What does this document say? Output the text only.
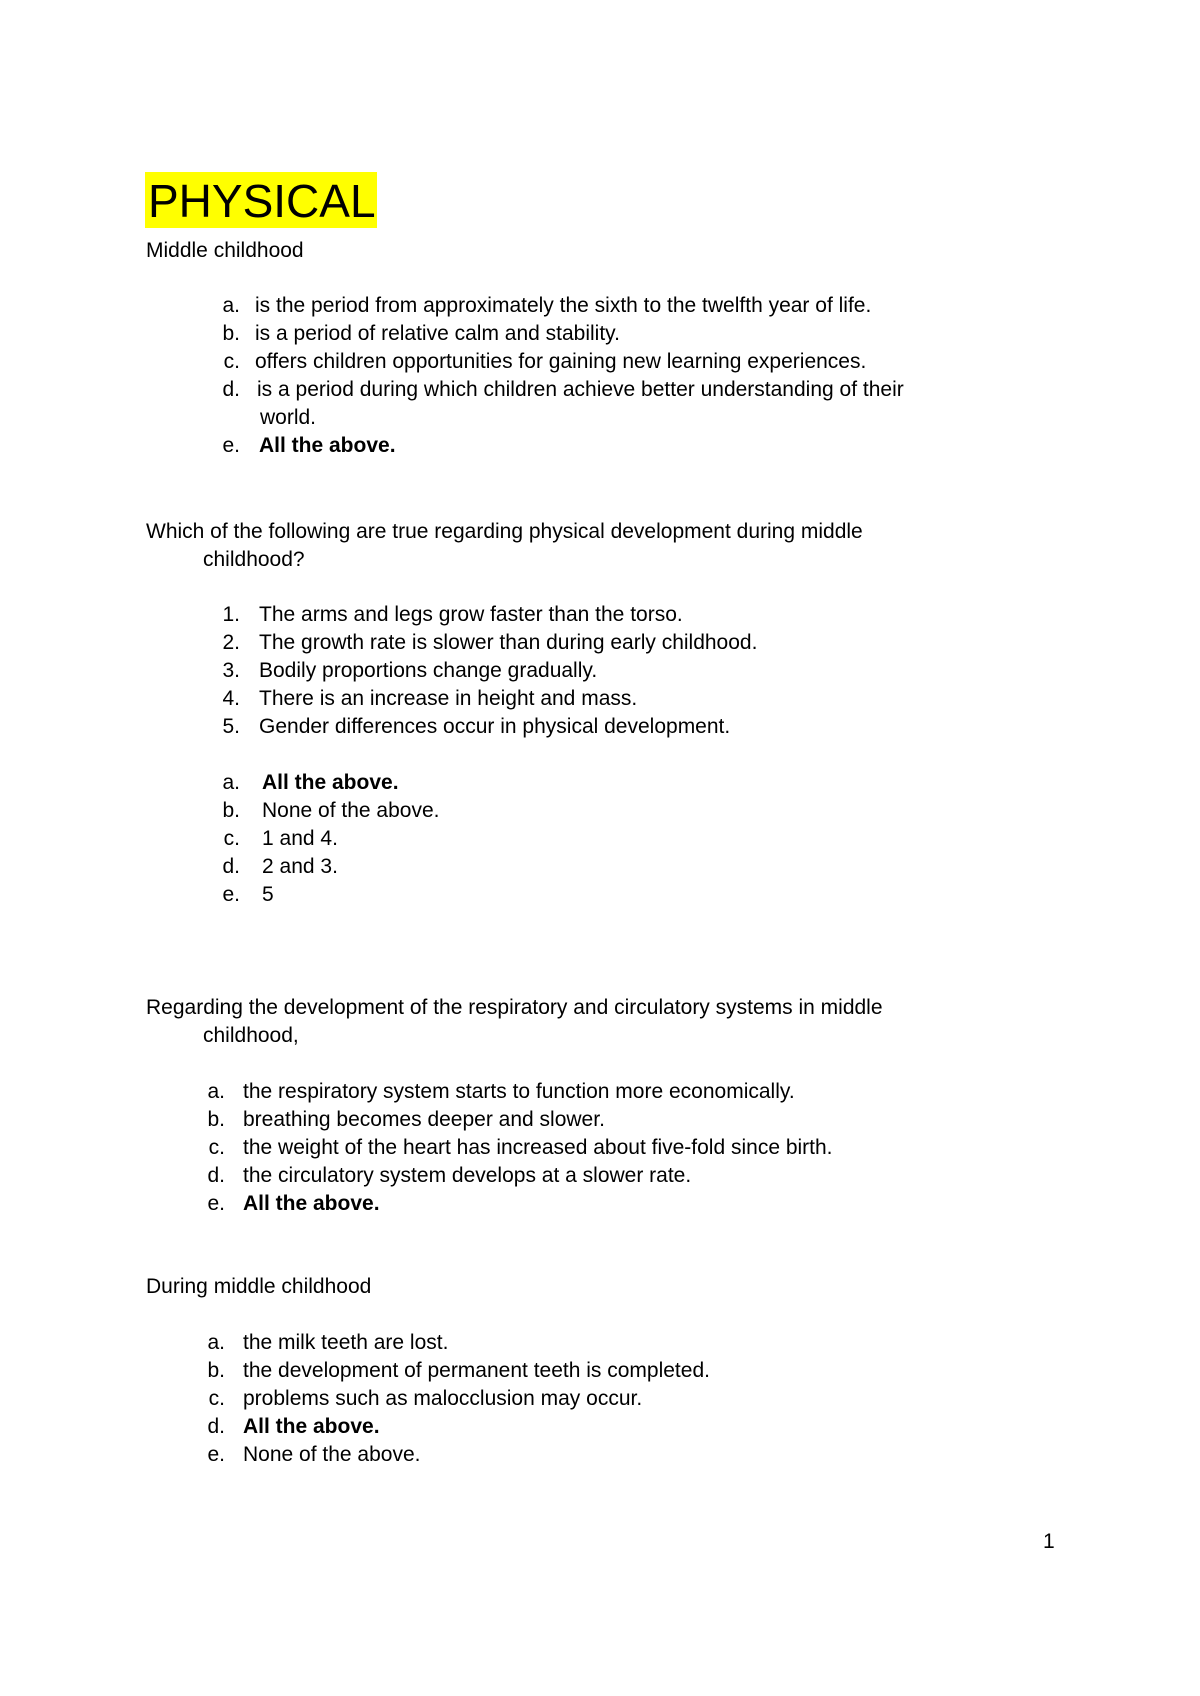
PHYSICAL
Middle childhood
a. is the period from approximately the sixth to the twelfth year of life.
b. is a period of relative calm and stability.
c. offers children opportunities for gaining new learning experiences.
d. is a period during which children achieve better understanding of their
world.
e. All the above.
Which of the following are true regarding physical development during middle
childhood?
1. The arms and legs grow faster than the torso.
2. The growth rate is slower than during early childhood.
3. Bodily proportions change gradually.
4. There is an increase in height and mass.
5. Gender differences occur in physical development.
a. All the above.
b. None of the above.
c. 1 and 4.
d. 2 and 3.
e. 5
Regarding the development of the respiratory and circulatory systems in middle
childhood,
a. the respiratory system starts to function more economically.
b. breathing becomes deeper and slower.
c. the weight of the heart has increased about five-fold since birth.
d. the circulatory system develops at a slower rate.
e. All the above.
During middle childhood
a. the milk teeth are lost.
b. the development of permanent teeth is completed.
c. problems such as malocclusion may occur.
d. All the above.
e. None of the above.
1
